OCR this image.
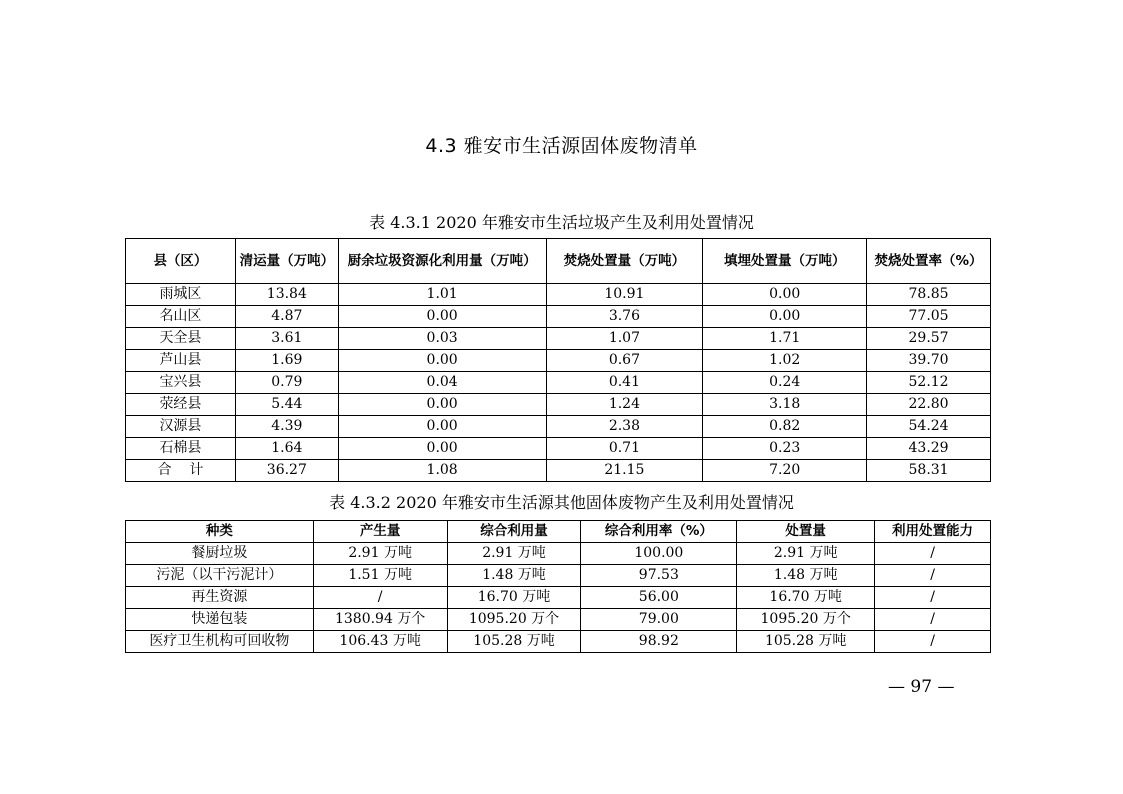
4.3 雅安市生活源固体废物清单
表 4.3.1 2020 年雅安市生活垃圾产生及利用处置情况
县（区）	清运量（万吨）	厨余垃圾资源化利用量（万吨）	焚烧处置量（万吨）	填埋处置量（万吨）	焚烧处置率（%）
雨城区	13.84	1.01	10.91	0.00	78.85
名山区	4.87	0.00	3.76	0.00	77.05
天全县	3.61	0.03	1.07	1.71	29.57
芦山县	1.69	0.00	0.67	1.02	39.70
宝兴县	0.79	0.04	0.41	0.24	52.12
荥经县	5.44	0.00	1.24	3.18	22.80
汉源县	4.39	0.00	2.38	0.82	54.24
石棉县	1.64	0.00	0.71	0.23	43.29
合    计	36.27	1.08	21.15	7.20	58.31
表 4.3.2 2020 年雅安市生活源其他固体废物产生及利用处置情况
种类	产生量	综合利用量	综合利用率（%）	处置量	利用处置能力
餐厨垃圾	2.91 万吨	2.91 万吨	100.00	2.91 万吨	/
污泥（以干污泥计）	1.51 万吨	1.48 万吨	97.53	1.48 万吨	/
再生资源	/	16.70 万吨	56.00	16.70 万吨	/
快递包装	1380.94 万个	1095.20 万个	79.00	1095.20 万个	/
医疗卫生机构可回收物	106.43 万吨	105.28 万吨	98.92	105.28 万吨	/
— 97 —
